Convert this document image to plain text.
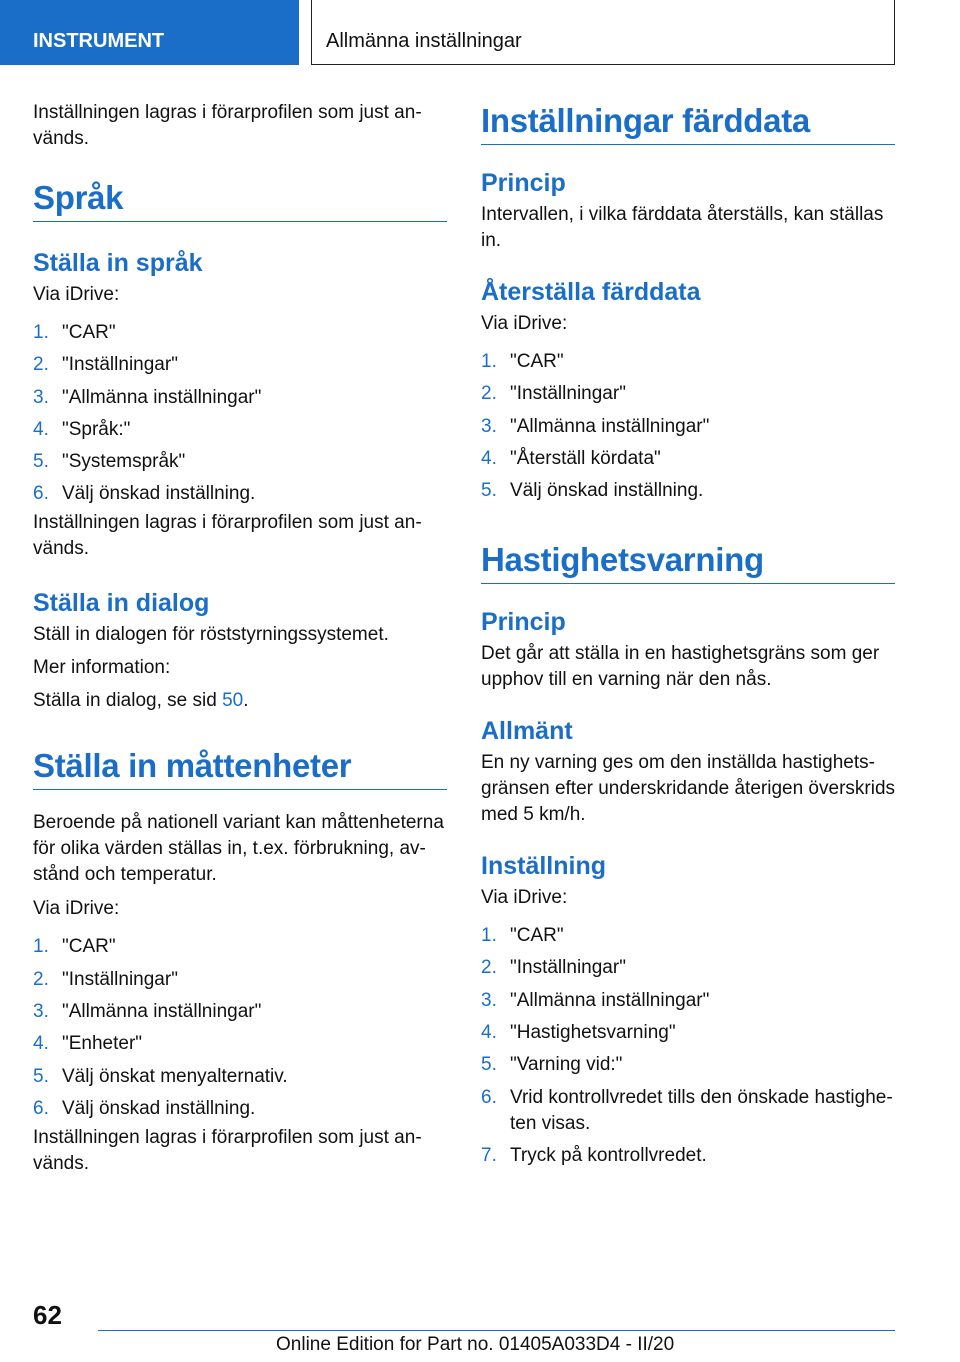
INSTRUMENT	Allmänna inställningar

Inställningen lagras i förarprofilen som just används.

Språk
Ställa in språk

Via iDrive:

1. "CAR"
2. "Inställningar"
3. "Allmänna inställningar"
4. "Språk:"
5. "Systemspråk"
6. Välj önskad inställning.

Inställningen lagras i förarprofilen som just används.

Ställa in dialog

Ställ in dialogen för röststyrningssystemet.

Mer information:

Ställa in dialog, se sid 50.

Ställa in måttenheter

Beroende på nationell variant kan måttenheterna för olika värden ställas in, t.ex. förbrukning, avstånd och temperatur.

Via iDrive:

1. "CAR"
2. "Inställningar"
3. "Allmänna inställningar"
4. "Enheter"
5. Välj önskat menyalternativ.
6. Välj önskad inställning.

Inställningen lagras i förarprofilen som just används.

Inställningar färddata
Princip

Intervallen, i vilka färddata återställs, kan ställas in.

Återställa färddata

Via iDrive:

1. "CAR"
2. "Inställningar"
3. "Allmänna inställningar"
4. "Återställ kördata"
5. Välj önskad inställning.
Hastighetsvarning
Princip

Det går att ställa in en hastighetsgräns som ger upphov till en varning när den nås.

Allmänt

En ny varning ges om den inställda hastighetsgränsen efter underskridande återigen överskrids med 5 km/h.

Inställning

Via iDrive:

1. "CAR"
2. "Inställningar"
3. "Allmänna inställningar"
4. "Hastighetsvarning"
5. "Varning vid:"
6. Vrid kontrollvredet tills den önskade hastigheten visas.
7. Tryck på kontrollvredet.
62
Online Edition for Part no. 01405A033D4 - II/20
